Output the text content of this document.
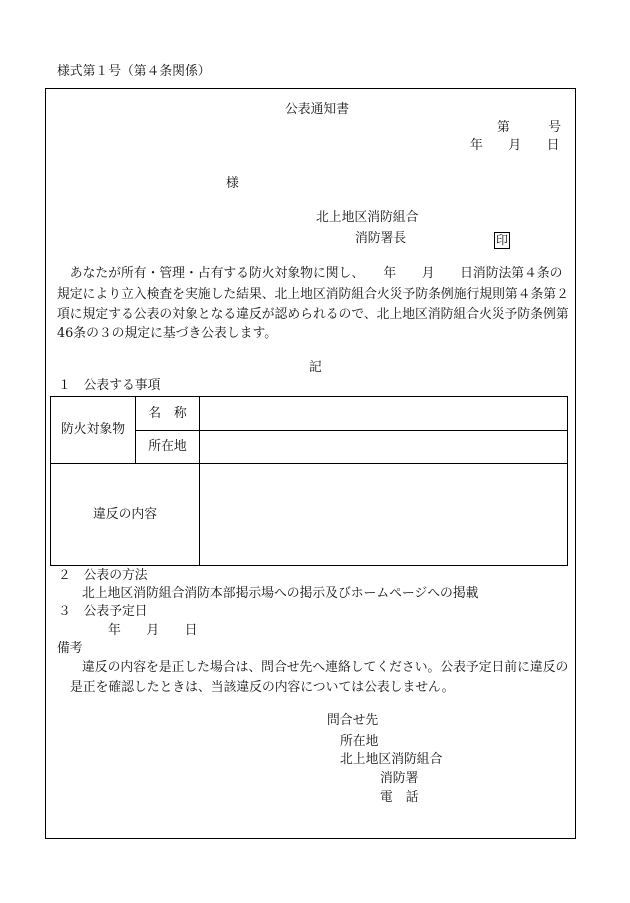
様式第１号（第４条関係）
公表通知書
第　　　号
年　　月　　日
様
北上地区消防組合
消防署長	印
　あなたが所有・管理・占有する防火対象物に関し、　　年　　月　　日消防法第４条の
規定により立入検査を実施した結果、北上地区消防組合火災予防条例施行規則第４条第２
項に規定する公表の対象となる違反が認められるので、北上地区消防組合火災予防条例第
46条の３の規定に基づき公表します。
記
１　公表する事項
防火対象物	名　称	
	所在地	
違反の内容		
２　公表の方法
北上地区消防組合消防本部掲示場への掲示及びホームページへの掲載
３　公表予定日
年　　月　　日
備考
違反の内容を是正した場合は、問合せ先へ連絡してください。公表予定日前に違反の
是正を確認したときは、当該違反の内容については公表しません。
問合せ先
所在地
北上地区消防組合
消防署
電　話
